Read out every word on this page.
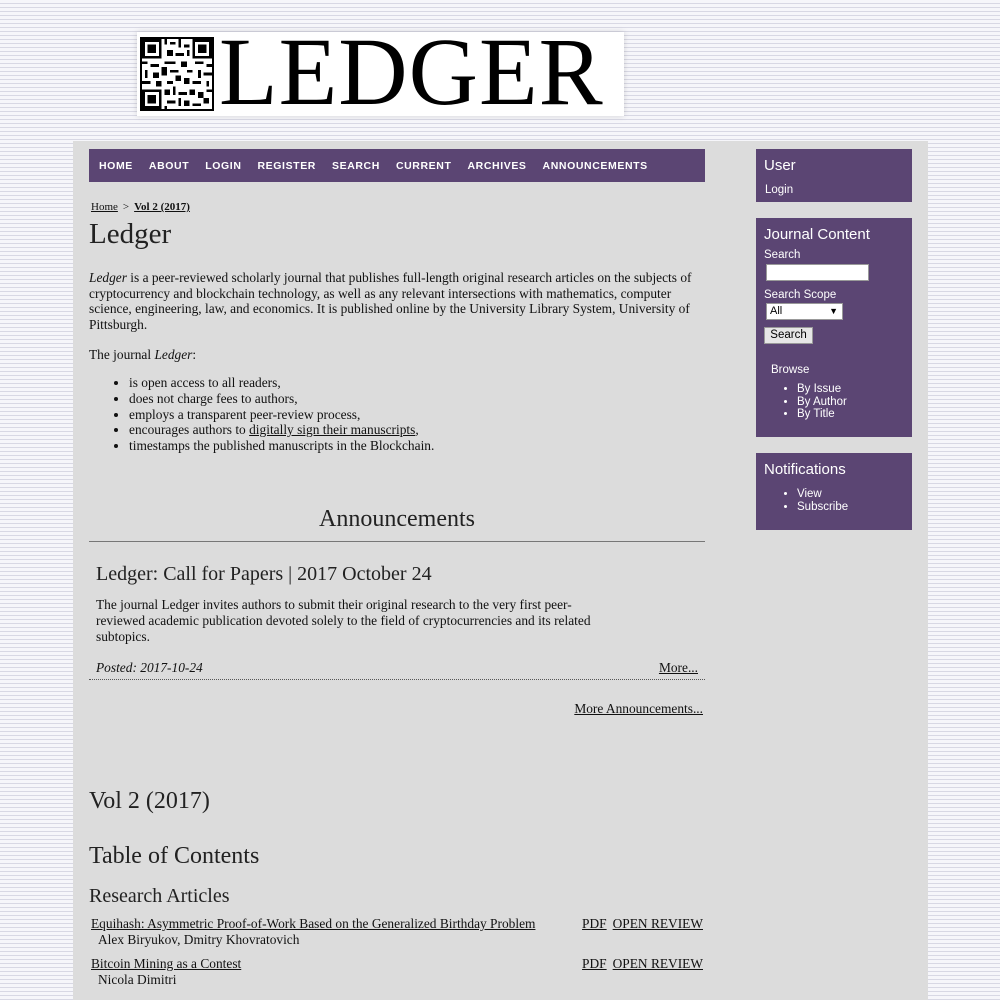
LEDGER
HOME ABOUT LOGIN REGISTER SEARCH CURRENT ARCHIVES ANNOUNCEMENTS
Home > Vol 2 (2017)
Ledger

Ledger is a peer-reviewed scholarly journal that publishes full-length original research articles on the subjects of cryptocurrency and blockchain technology, as well as any relevant intersections with mathematics, computer science, engineering, law, and economics. It is published online by the University Library System, University of Pittsburgh.

The journal Ledger:

• is open access to all readers,
• does not charge fees to authors,
• employs a transparent peer-review process,
• encourages authors to digitally sign their manuscripts,
• timestamps the published manuscripts in the Blockchain.
Announcements
Ledger: Call for Papers | 2017 October 24

The journal Ledger invites authors to submit their original research to the very first peer-reviewed academic publication devoted solely to the field of cryptocurrencies and its related subtopics.

Posted: 2017-10-24	More...
More Announcements...
Vol 2 (2017)
Table of Contents
Research Articles
Equihash: Asymmetric Proof-of-Work Based on the Generalized Birthday Problem	PDF OPEN REVIEW
Alex Biryukov, Dmitry Khovratovich
Bitcoin Mining as a Contest	PDF OPEN REVIEW
Nicola Dimitri
User
Login
Journal Content
Search
Search Scope
All	▼
Search
Browse
• By Issue
• By Author
• By Title
Notifications
• View
• Subscribe
